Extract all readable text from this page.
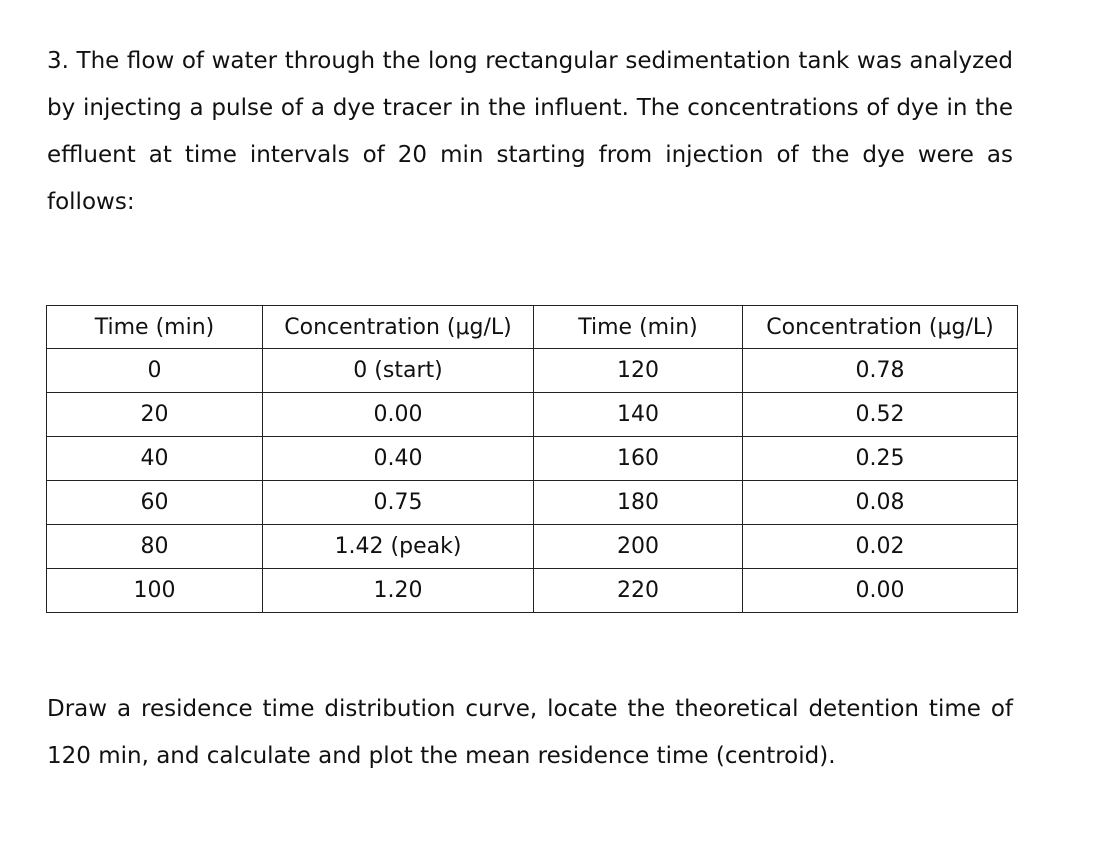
3. The flow of water through the long rectangular sedimentation tank was analyzed by injecting a pulse of a dye tracer in the influent. The concentrations of dye in the effluent at time intervals of 20 min starting from injection of the dye were as follows:

Time (min)	Concentration (μg/L)	Time (min)	Concentration (μg/L)
0	0 (start)	120	0.78
20	0.00	140	0.52
40	0.40	160	0.25
60	0.75	180	0.08
80	1.42 (peak)	200	0.02
100	1.20	220	0.00

Draw a residence time distribution curve, locate the theoretical detention time of 120 min, and calculate and plot the mean residence time (centroid).
